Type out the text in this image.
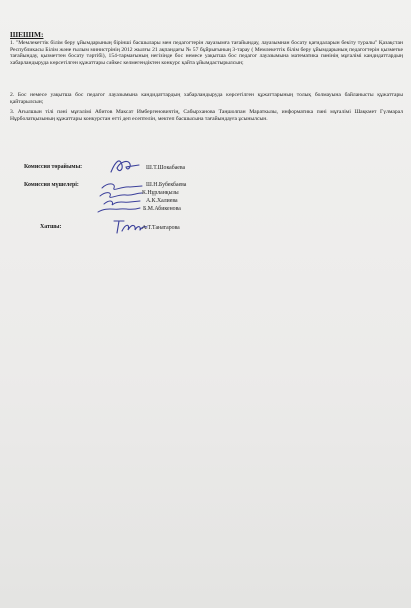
ШЕШІМ:
1. "Мемлекеттік білім беру ұйымдарының бірінші басшылары мен педагогтерін лауазымға тағайындау, лауазымнан босату қағидаларын бекіту туралы" Қазақстан Республикасы Білім және ғылым министрінің 2012 жылғы 21 ақпандағы № 57 бұйрығының 3-тарау ( Мемлекеттік білім беру ұйымдарының педагогтерін қызметке тағайындау, қызметтен босату тәртібі), 154-тармағының негізінде бос немесе уақытша бос педагог лауазымына математика пәнінің мұғалімі кандидаттардың хабарландыруда көрсетілген құжаттары сәйкес келмегендіктен конкурс қайта ұйымдастырылсын;
2. Бос немесе уақытша бос педагог лауазымына кандидаттардың хабарландыруда көрсетілген құжаттарының толық болмауына байланысты құжаттары қайтарылсын;
3. Ағылшын тілі пәні мұғалімі Абитов Максат Имбергеновичтің, Сабырханова Таңшолпан Мараткызы, информатика пәні мұғалімі Шақкмет Гүлмарал Нұрболатқызының құжаттары конкурстан өтті деп есептелін, мектеп басшысына тағайындауға ұсынылсын.
Комиссия төрайымы:	Ш.Т.Шокабаева
Комиссия мүшелері:	Ш.Н.Бубекбаева
К.Нұрланқызы
А.К.Халиева
Б.М.Абикенова
Хатшы:	А.Т.Танатарова
